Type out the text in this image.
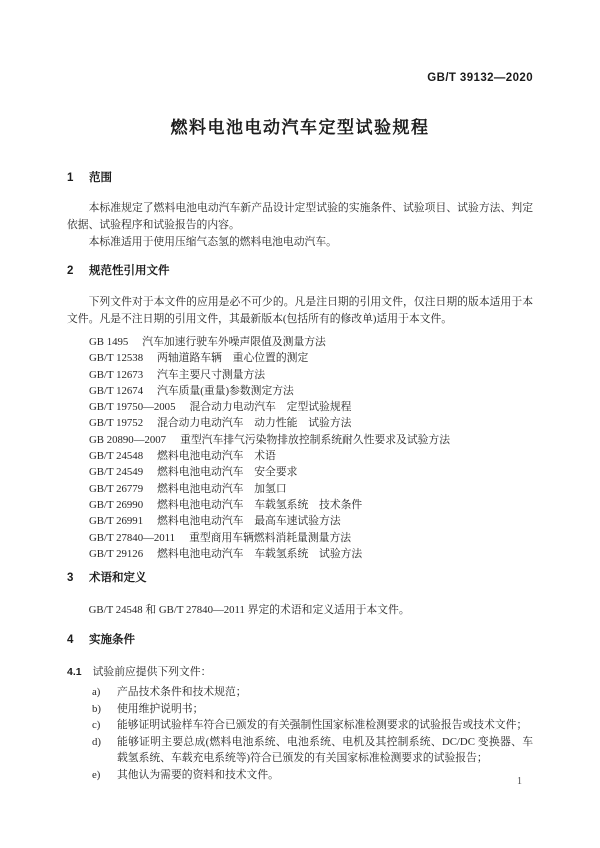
GB/T 39132—2020
燃料电池电动汽车定型试验规程
1 范围

本标准规定了燃料电池电动汽车新产品设计定型试验的实施条件、试验项目、试验方法、判定依据、试验程序和试验报告的内容。

本标准适用于使用压缩气态氢的燃料电池电动汽车。

2 规范性引用文件

下列文件对于本文件的应用是必不可少的。凡是注日期的引用文件，仅注日期的版本适用于本文件。凡是不注日期的引用文件，其最新版本(包括所有的修改单)适用于本文件。

GB 1495 汽车加速行驶车外噪声限值及测量方法
GB/T 12538 两轴道路车辆　重心位置的测定
GB/T 12673 汽车主要尺寸测量方法
GB/T 12674 汽车质量(重量)参数测定方法
GB/T 19750—2005 混合动力电动汽车　定型试验规程
GB/T 19752 混合动力电动汽车　动力性能　试验方法
GB 20890—2007 重型汽车排气污染物排放控制系统耐久性要求及试验方法
GB/T 24548 燃料电池电动汽车　术语
GB/T 24549 燃料电池电动汽车　安全要求
GB/T 26779 燃料电池电动汽车　加氢口
GB/T 26990 燃料电池电动汽车　车载氢系统　技术条件
GB/T 26991 燃料电池电动汽车　最高车速试验方法
GB/T 27840—2011 重型商用车辆燃料消耗量测量方法
GB/T 29126 燃料电池电动汽车　车载氢系统　试验方法
3 术语和定义

GB/T 24548 和 GB/T 27840—2011 界定的术语和定义适用于本文件。

4 实施条件
4.1 试验前应提供下列文件：
a) 产品技术条件和技术规范；
b) 使用维护说明书；
c) 能够证明试验样车符合已颁发的有关强制性国家标准检测要求的试验报告或技术文件；
d) 能够证明主要总成(燃料电池系统、电池系统、电机及其控制系统、DC/DC 变换器、车载氢系统、车载充电系统等)符合已颁发的有关国家标准检测要求的试验报告；
e) 其他认为需要的资料和技术文件。
1
